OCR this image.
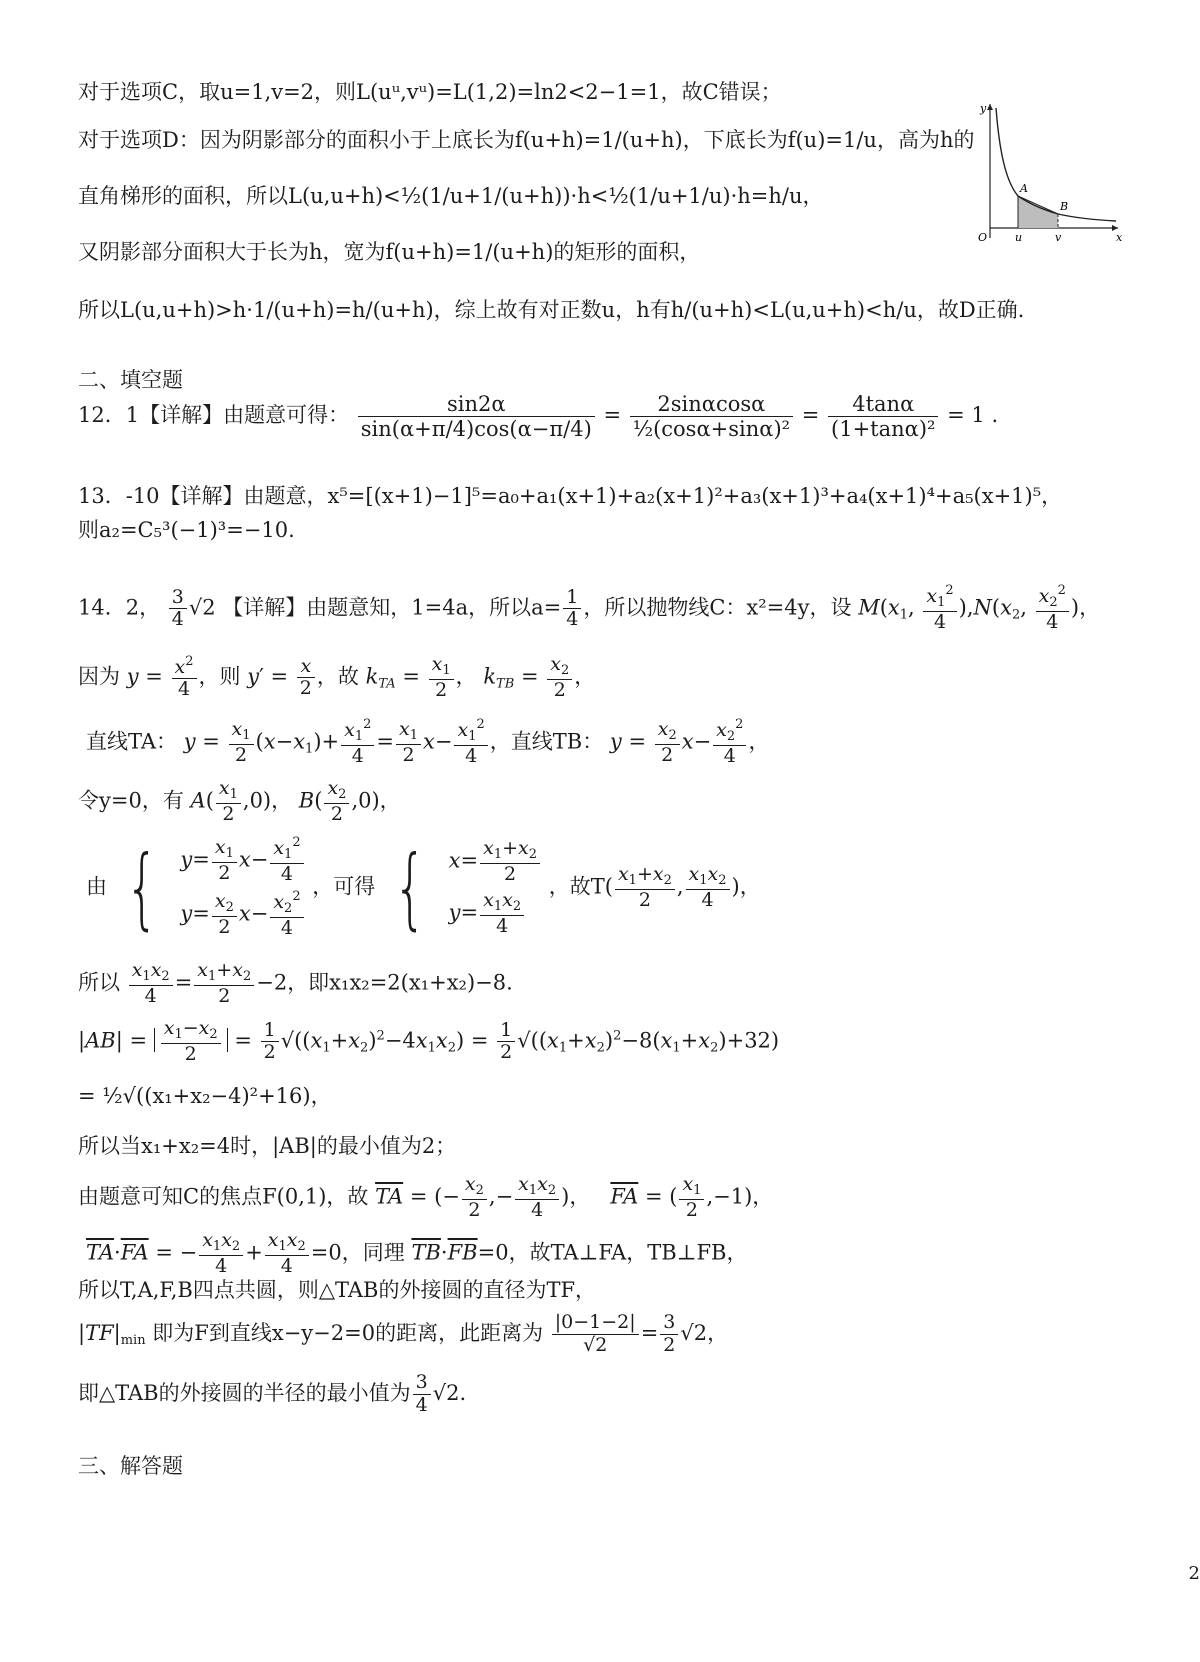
对于选项C，取u=1,v=2，则L(uᵘ,vᵘ)=L(1,2)=ln2<2−1=1，故C错误；
对于选项D：因为阴影部分的面积小于上底长为f(u+h)=1/(u+h)，下底长为f(u)=1/u，高为h的
直角梯形的面积，所以L(u,u+h)<½(1/u+1/(u+h))·h<½(1/u+1/u)·h=h/u，
又阴影部分面积大于长为h，宽为f(u+h)=1/(u+h)的矩形的面积，
所以L(u,u+h)>h·1/(u+h)=h/(u+h)，综上故有对正数u，h有h/(u+h)<L(u,u+h)<h/u，故D正确.
y
x
O
A
B
u	v
二、填空题
12．1【详解】由题意可得： $\frac{\sin 2\alpha}{\sin(\alpha+\pi/4)\cos(\alpha-\pi/4)} = \frac{2\sin\alpha\cos\alpha}{\text{½(cosα+sinα)²}} = \frac{4\tan\alpha}{\text{(1+tanα)²}} = 1$ .
13．-10【详解】由题意，x⁵=[(x+1)−1]⁵=a₀+a₁(x+1)+a₂(x+1)²+a₃(x+1)³+a₄(x+1)⁴+a₅(x+1)⁵，
则a₂=C₅³(−1)³=−10.
14．2， $\frac{3}{4} √2$ 【详解】由题意知，1=4a，所以$a= \frac{1}{4}$ ，所以抛物线C：x²=4y，设 $M(x_1$, $\frac{x_1^2}{4} ),N(x_2$, $\frac{x_2^2}{4}$ )，
因为 $y = \frac{x^2}{4}$ ，则 $y' = \frac{x}{2}$ ，故 $k_{TA} = \frac{x_1}{2}$ ， $k_{TB} = \frac{x_2}{2}$ ，
直线TA： $y = \frac{x_1}{2} (x-x_1)+ \frac{x_1^2}{4} = \frac{x_1}{2} x- \frac{x_1^2}{4}$ ，直线TB： $y = \frac{x_2}{2} x- \frac{x_2^2}{4}$ ，
令y=0，有 $A( \frac{x_1}{2} ,0)$， $B( \frac{x_2}{2} ,0)$，
由 { $y= \frac{x_1}{2} x- \frac{x_1^2}{4}$
$y= \frac{x_2}{2} x- \frac{x_2^2}{4}$
，可得 { $x= \frac{x_1+x_2}{2}$
$y= \frac{x_1x_2}{4}$
，故$T( \frac{x_1+x_2}{2}$ , $\frac{x_1x_2}{4}$ )，
所以 $\frac{x_1x_2}{4} = \frac{x_1+x_2}{2} -2$，即x₁x₂=2(x₁+x₂)−8.
$|AB| = \frac{x_1-x_2}{2} = \frac{1}{2} √((x_1+x_2)^2-4x_1x_2) = \frac{1}{2} √((x_1+x_2)^2-8(x_1+x_2)+32)$
= ½√((x₁+x₂−4)²+16)，
所以当x₁+x₂=4时，|AB|的最小值为2；
由题意可知C的焦点F(0,1)，故 $\overline{TA}$ = (− $\frac{x_2}{2}$ ,− $\frac{x_1x_2}{4}$ )，   $\overline{FA}$ = ( $\frac{x_1}{2} ,-1$)，
$\overline{TA}\cdot\overline{FA}$ = − $\frac{x_1x_2}{4} + \frac{x_1x_2}{4} =0$，同理 $\overline{TB}\cdot\overline{FB}=0$，故TA⊥FA，TB⊥FB，
所以T,A,F,B四点共圆，则△TAB的外接圆的直径为TF，
$|TF|_{min}$ 即为F到直线x−y−2=0的距离，此距离为 $\frac{|0-1-2|}{√2} = \frac{3}{2} √2$，
即△TAB的外接圆的半径的最小值为 $\frac{3}{4} √2$.
三、解答题
2
